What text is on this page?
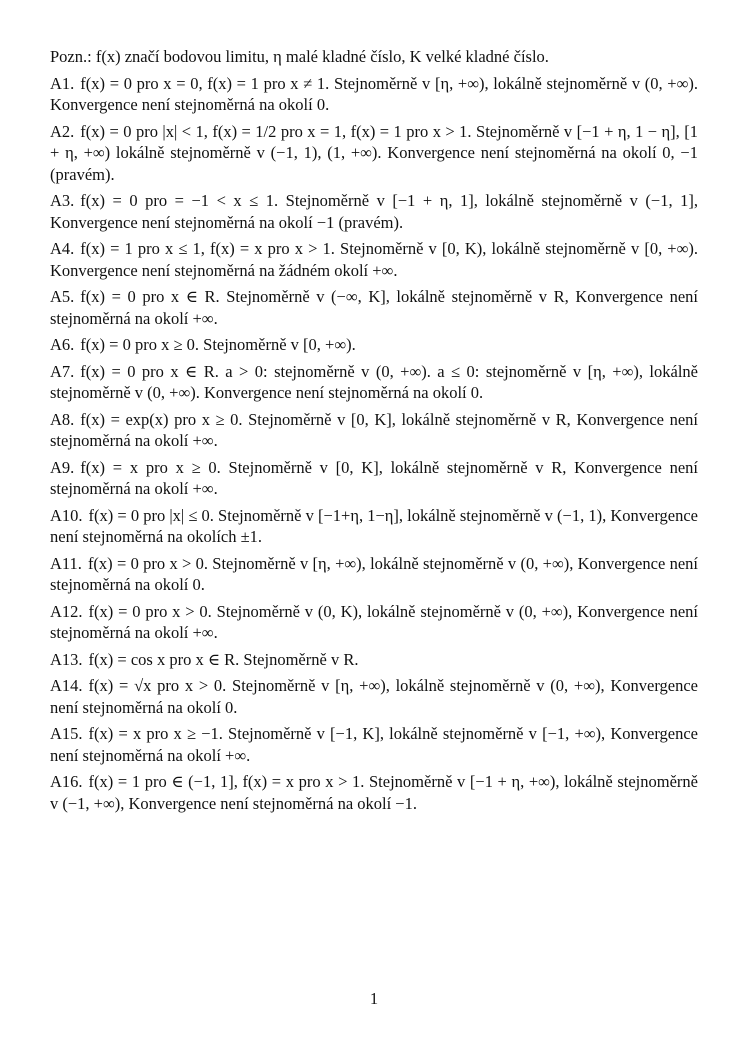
Pozn.: f(x) značí bodovou limitu, η malé kladné číslo, K velké kladné číslo.

A1. f(x) = 0 pro x = 0, f(x) = 1 pro x ≠ 1. Stejnoměrně v [η, +∞), lokálně stejnoměrně v (0, +∞). Konvergence není stejnoměrná na okolí 0.

A2. f(x) = 0 pro |x| < 1, f(x) = 1/2 pro x = 1, f(x) = 1 pro x > 1. Stejnoměrně v [−1 + η, 1 − η], [1 + η, +∞) lokálně stejnoměrně v (−1, 1), (1, +∞). Konvergence není stejnoměrná na okolí 0, −1 (pravém).

A3. f(x) = 0 pro = −1 < x ≤ 1. Stejnoměrně v [−1 + η, 1], lokálně stejnoměrně v (−1, 1], Konvergence není stejnoměrná na okolí −1 (pravém).

A4. f(x) = 1 pro x ≤ 1, f(x) = x pro x > 1. Stejnoměrně v [0, K), lokálně stejnoměrně v [0, +∞). Konvergence není stejnoměrná na žádném okolí +∞.

A5. f(x) = 0 pro x ∈ R. Stejnoměrně v (−∞, K], lokálně stejnoměrně v R, Konvergence není stejnoměrná na okolí +∞.

A6. f(x) = 0 pro x ≥ 0. Stejnoměrně v [0, +∞).

A7. f(x) = 0 pro x ∈ R. a > 0: stejnoměrně v (0, +∞). a ≤ 0: stejnoměrně v [η, +∞), lokálně stejnoměrně v (0, +∞). Konvergence není stejnoměrná na okolí 0.

A8. f(x) = exp(x) pro x ≥ 0. Stejnoměrně v [0, K], lokálně stejnoměrně v R, Konvergence není stejnoměrná na okolí +∞.

A9. f(x) = x pro x ≥ 0. Stejnoměrně v [0, K], lokálně stejnoměrně v R, Konvergence není stejnoměrná na okolí +∞.

A10. f(x) = 0 pro |x| ≤ 0. Stejnoměrně v [−1+η, 1−η], lokálně stejnoměrně v (−1, 1), Konvergence není stejnoměrná na okolích ±1.

A11. f(x) = 0 pro x > 0. Stejnoměrně v [η, +∞), lokálně stejnoměrně v (0, +∞), Konvergence není stejnoměrná na okolí 0.

A12. f(x) = 0 pro x > 0. Stejnoměrně v (0, K), lokálně stejnoměrně v (0, +∞), Konvergence není stejnoměrná na okolí +∞.

A13. f(x) = cos x pro x ∈ R. Stejnoměrně v R.

A14. f(x) = √x pro x > 0. Stejnoměrně v [η, +∞), lokálně stejnoměrně v (0, +∞), Konvergence není stejnoměrná na okolí 0.

A15. f(x) = x pro x ≥ −1. Stejnoměrně v [−1, K], lokálně stejnoměrně v [−1, +∞), Konvergence není stejnoměrná na okolí +∞.

A16. f(x) = 1 pro ∈ (−1, 1], f(x) = x pro x > 1. Stejnoměrně v [−1 + η, +∞), lokálně stejnoměrně v (−1, +∞), Konvergence není stejnoměrná na okolí −1.

1
